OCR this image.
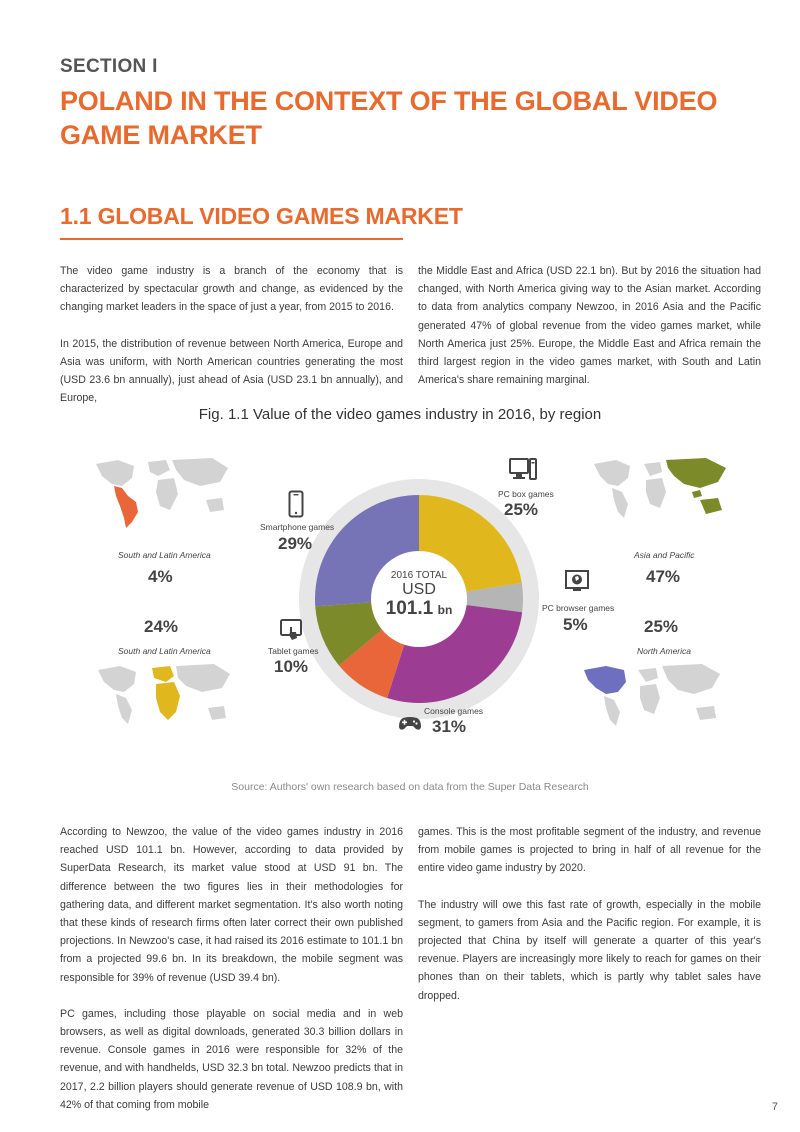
SECTION I
POLAND IN THE CONTEXT OF THE GLOBAL VIDEO GAME MARKET
1.1 GLOBAL VIDEO GAMES MARKET

The video game industry is a branch of the economy that is characterized by spectacular growth and change, as evidenced by the changing market leaders in the space of just a year, from 2015 to 2016.

In 2015, the distribution of revenue between North America, Europe and Asia was uniform, with North American countries generating the most (USD 23.6 bn annually), just ahead of Asia (USD 23.1 bn annually), and Europe,

the Middle East and Africa (USD 22.1 bn). But by 2016 the situation had changed, with North America giving way to the Asian market. According to data from analytics company Newzoo, in 2016 Asia and the Pacific generated 47% of global revenue from the video games market, while North America just 25%. Europe, the Middle East and Africa remain the third largest region in the video games market, with South and Latin America's share remaining marginal.

Fig. 1.1 Value of the video games industry in 2016, by region
2016 TOTAL
USD
101.1 bn
PC box games
25%
PC browser games
5%
Console games
31%
Tablet games
10%
Smartphone games
29%
South and Latin America
4%
24%
South and Latin America
Asia and Pacific
47%
25%
North America
Source: Authors' own research based on data from the Super Data Research

According to Newzoo, the value of the video games industry in 2016 reached USD 101.1 bn. However, according to data provided by SuperData Research, its market value stood at USD 91 bn. The difference between the two figures lies in their methodologies for gathering data, and different market segmentation. It's also worth noting that these kinds of research firms often later correct their own published projections. In Newzoo's case, it had raised its 2016 estimate to 101.1 bn from a projected 99.6 bn. In its breakdown, the mobile segment was responsible for 39% of revenue (USD 39.4 bn).

PC games, including those playable on social media and in web browsers, as well as digital downloads, generated 30.3 billion dollars in revenue. Console games in 2016 were responsible for 32% of the revenue, and with handhelds, USD 32.3 bn total. Newzoo predicts that in 2017, 2.2 billion players should generate revenue of USD 108.9 bn, with 42% of that coming from mobile

games. This is the most profitable segment of the industry, and revenue from mobile games is projected to bring in half of all revenue for the entire video game industry by 2020.

The industry will owe this fast rate of growth, especially in the mobile segment, to gamers from Asia and the Pacific region. For example, it is projected that China by itself will generate a quarter of this year's revenue. Players are increasingly more likely to reach for games on their phones than on their tablets, which is partly why tablet sales have dropped.

7
